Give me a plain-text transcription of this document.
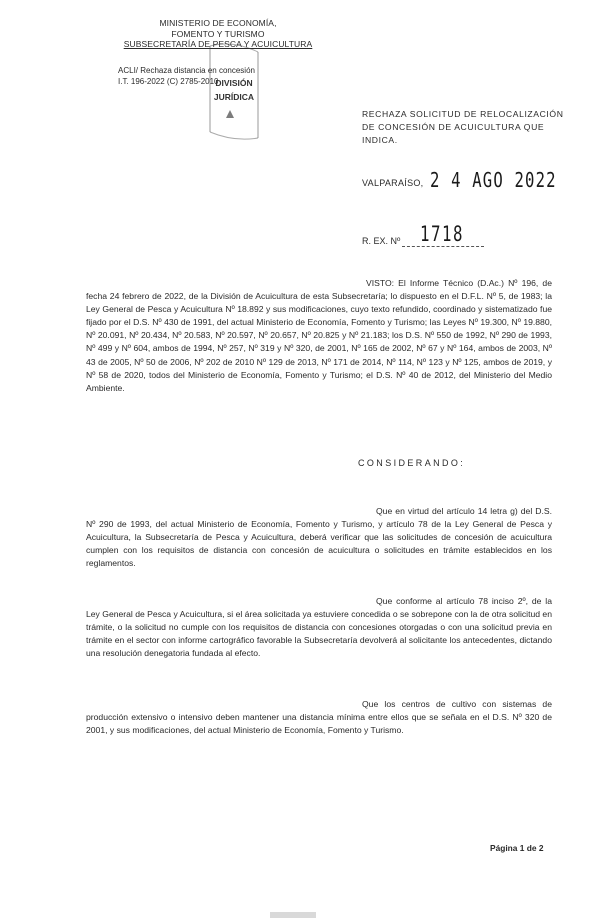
MINISTERIO DE ECONOMÍA,
FOMENTO Y TURISMO
SUBSECRETARÍA DE PESCA Y ACUICULTURA
ACLI/ Rechaza distancia en concesión
I.T. 196-2022 (C) 2785-2010
DIVISIÓN
JURÍDICA
RECHAZA SOLICITUD DE RELOCALIZACIÓN DE CONCESIÓN DE ACUICULTURA QUE INDICA.
VALPARAÍSO, 2 4 AGO 2022
R. EX. Nº 1718
VISTO: El Informe Técnico (D.Ac.) Nº 196, de fecha 24 febrero de 2022, de la División de Acuicultura de esta Subsecretaría; lo dispuesto en el D.F.L. Nº 5, de 1983; la Ley General de Pesca y Acuicultura Nº 18.892 y sus modificaciones, cuyo texto refundido, coordinado y sistematizado fue fijado por el D.S. Nº 430 de 1991, del actual Ministerio de Economía, Fomento y Turismo; las Leyes Nº 19.300, Nº 19.880, Nº 20.091, Nº 20.434, Nº 20.583, Nº 20.597, Nº 20.657, Nº 20.825 y Nº 21.183; los D.S. Nº 550 de 1992, Nº 290 de 1993, Nº 499 y Nº 604, ambos de 1994, Nº 257, Nº 319 y Nº 320, de 2001, Nº 165 de 2002, Nº 67 y Nº 164, ambos de 2003, Nº 43 de 2005, Nº 50 de 2006, Nº 202 de 2010 Nº 129 de 2013, Nº 171 de 2014, Nº 114, Nº 123 y Nº 125, ambos de 2019, y Nº 58 de 2020, todos del Ministerio de Economía, Fomento y Turismo; el D.S. Nº 40 de 2012, del Ministerio del Medio Ambiente.
CONSIDERANDO:
Que en virtud del artículo 14 letra g) del D.S. Nº 290 de 1993, del actual Ministerio de Economía, Fomento y Turismo, y artículo 78 de la Ley General de Pesca y Acuicultura, la Subsecretaría de Pesca y Acuicultura, deberá verificar que las solicitudes de concesión de acuicultura cumplen con los requisitos de distancia con concesión de acuicultura o solicitudes en trámite establecidos en los reglamentos.
Que conforme al artículo 78 inciso 2º, de la Ley General de Pesca y Acuicultura, si el área solicitada ya estuviere concedida o se sobrepone con la de otra solicitud en trámite, o la solicitud no cumple con los requisitos de distancia con concesiones otorgadas o con una solicitud previa en trámite en el sector con informe cartográfico favorable la Subsecretaría devolverá al solicitante los antecedentes, dictando una resolución denegatoria fundada al efecto.
Que los centros de cultivo con sistemas de producción extensivo o intensivo deben mantener una distancia mínima entre ellos que se señala en el D.S. Nº 320 de 2001, y sus modificaciones, del actual Ministerio de Economía, Fomento y Turismo.
Página 1 de 2
